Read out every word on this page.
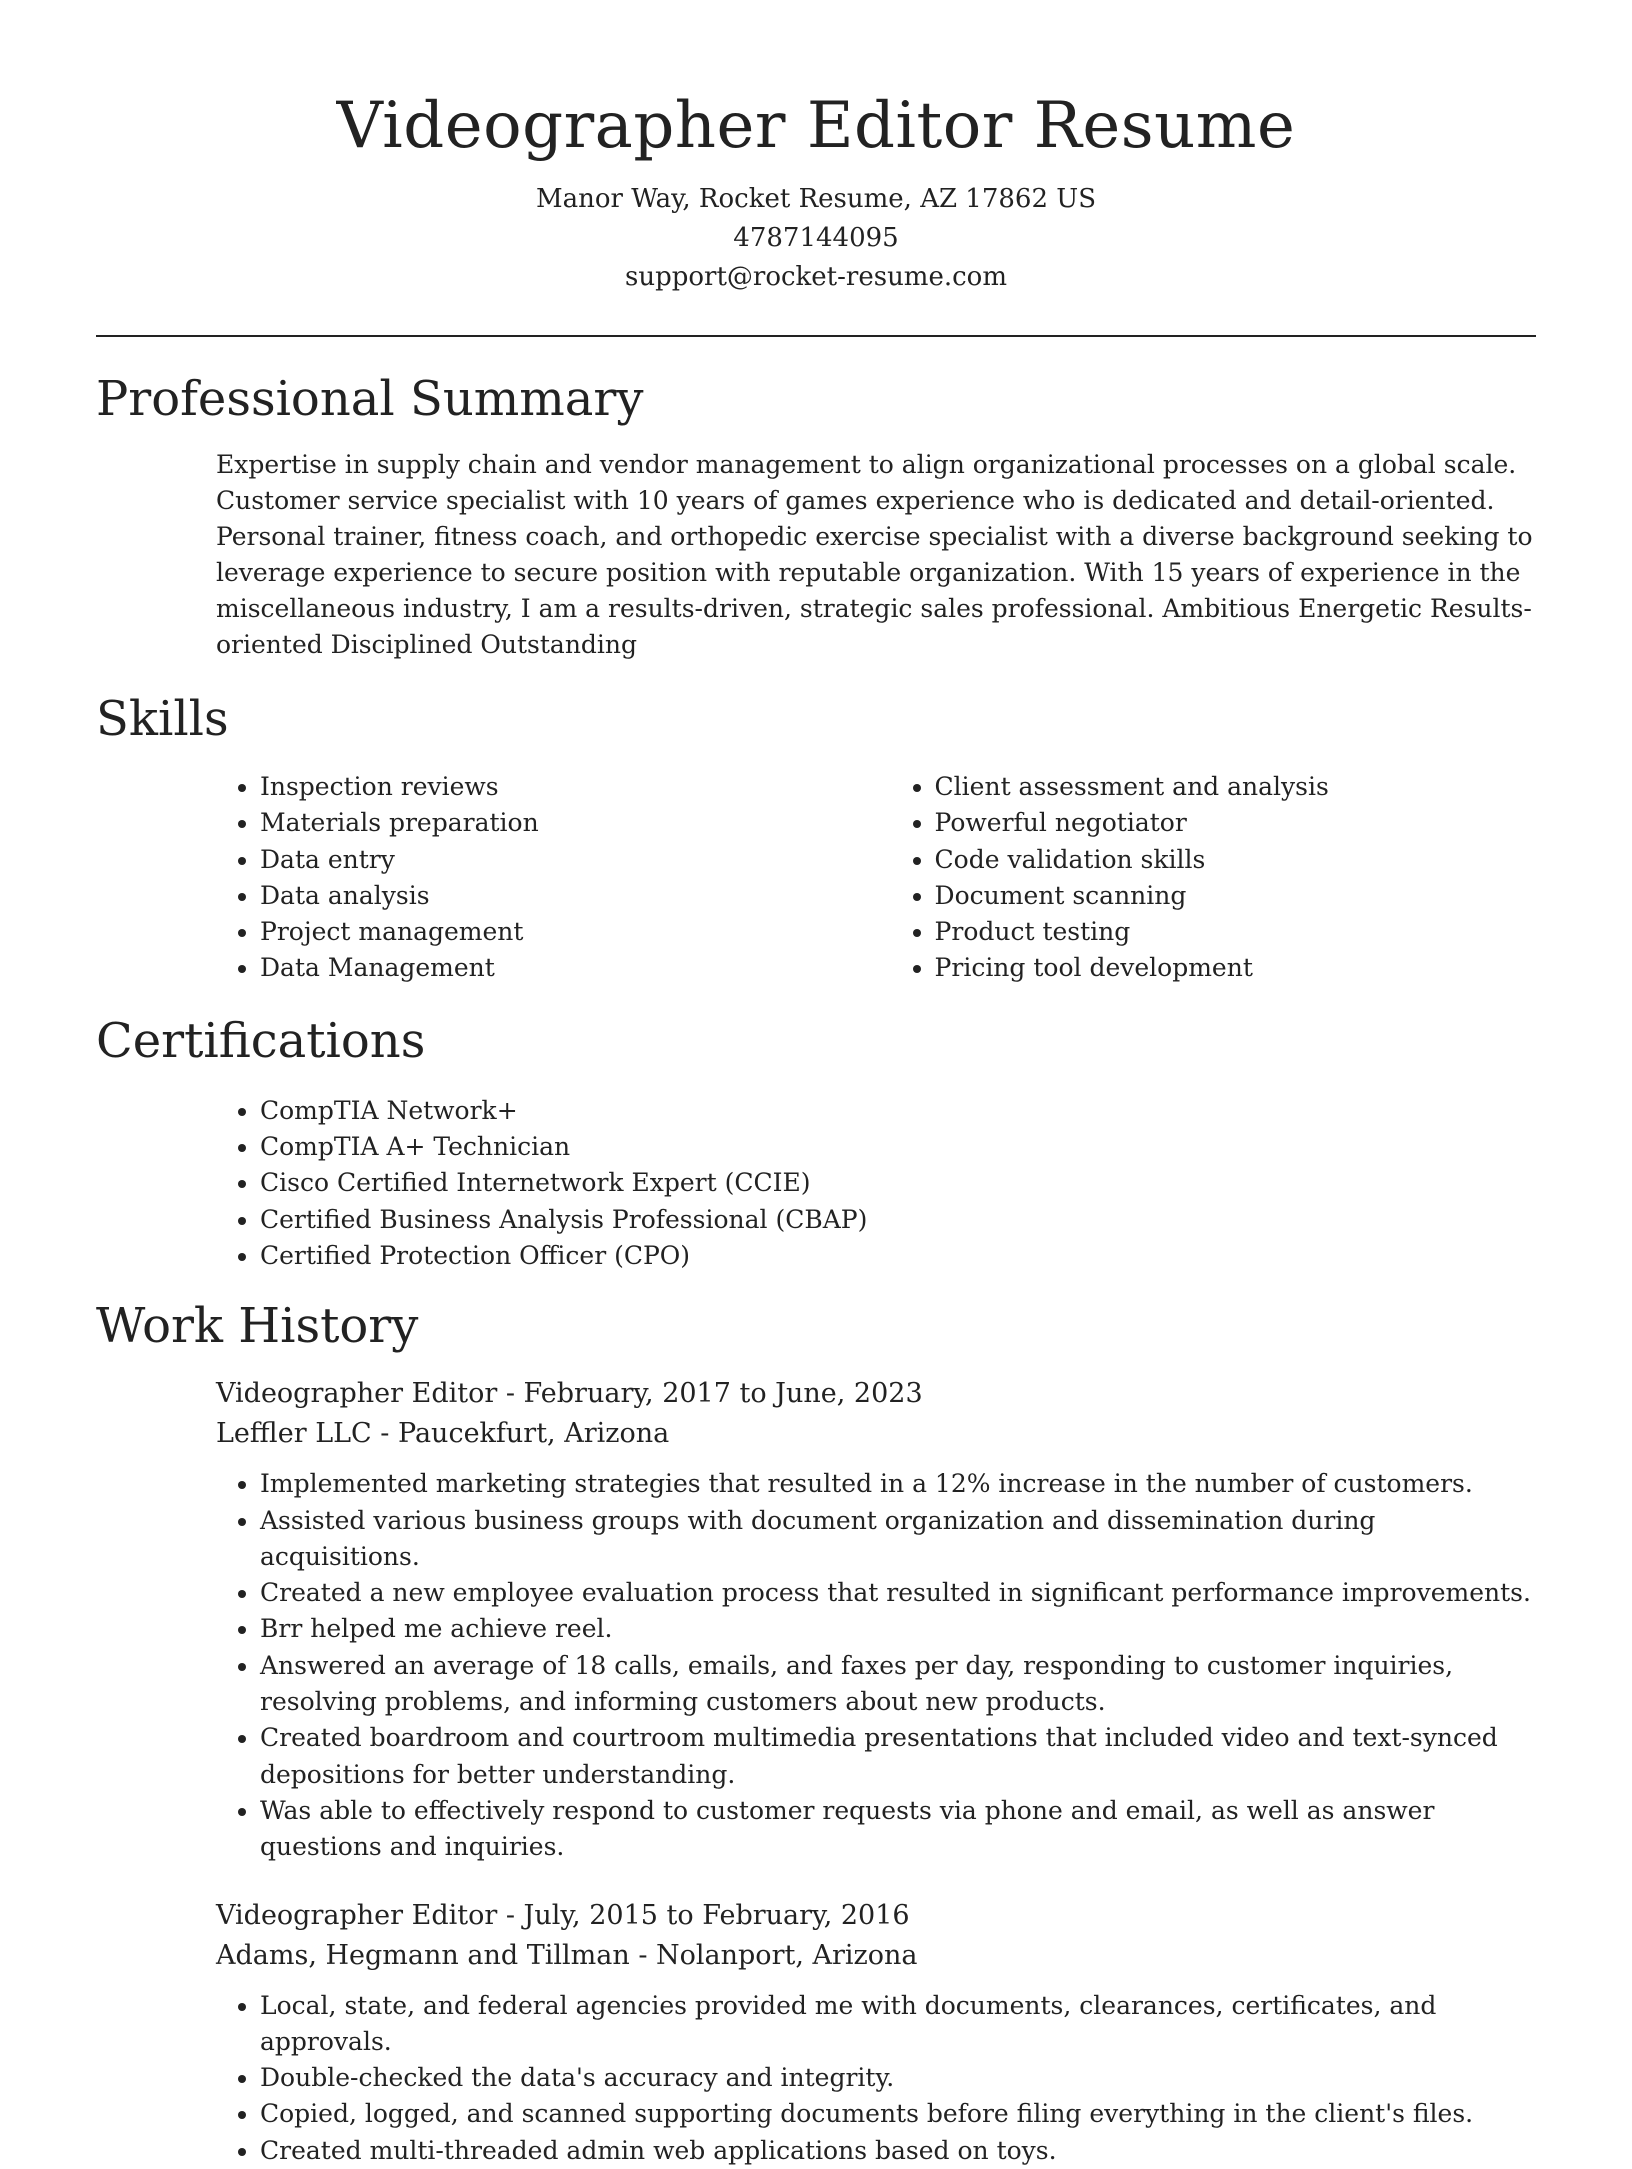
Videographer Editor Resume
Manor Way, Rocket Resume, AZ 17862 US
4787144095
support@rocket-resume.com
Professional Summary

Expertise in supply chain and vendor management to align organizational processes on a global scale. Customer service specialist with 10 years of games experience who is dedicated and detail-oriented. Personal trainer, fitness coach, and orthopedic exercise specialist with a diverse background seeking to leverage experience to secure position with reputable organization. With 15 years of experience in the miscellaneous industry, I am a results-driven, strategic sales professional. Ambitious Energetic Results-oriented Disciplined Outstanding

Skills
• Inspection reviews
• Materials preparation
• Data entry
• Data analysis
• Project management
• Data Management
• Client assessment and analysis
• Powerful negotiator
• Code validation skills
• Document scanning
• Product testing
• Pricing tool development
Certifications
• CompTIA Network+
• CompTIA A+ Technician
• Cisco Certified Internetwork Expert (CCIE)
• Certified Business Analysis Professional (CBAP)
• Certified Protection Officer (CPO)
Work History
Videographer Editor - February, 2017 to June, 2023
Leffler LLC - Paucekfurt, Arizona
• Implemented marketing strategies that resulted in a 12% increase in the number of customers.
• Assisted various business groups with document organization and dissemination during acquisitions.
• Created a new employee evaluation process that resulted in significant performance improvements.
• Brr helped me achieve reel.
• Answered an average of 18 calls, emails, and faxes per day, responding to customer inquiries, resolving problems, and informing customers about new products.
• Created boardroom and courtroom multimedia presentations that included video and text-synced depositions for better understanding.
• Was able to effectively respond to customer requests via phone and email, as well as answer questions and inquiries.
Videographer Editor - July, 2015 to February, 2016
Adams, Hegmann and Tillman - Nolanport, Arizona
• Local, state, and federal agencies provided me with documents, clearances, certificates, and approvals.
• Double-checked the data's accuracy and integrity.
• Copied, logged, and scanned supporting documents before filing everything in the client's files.
• Created multi-threaded admin web applications based on toys.
